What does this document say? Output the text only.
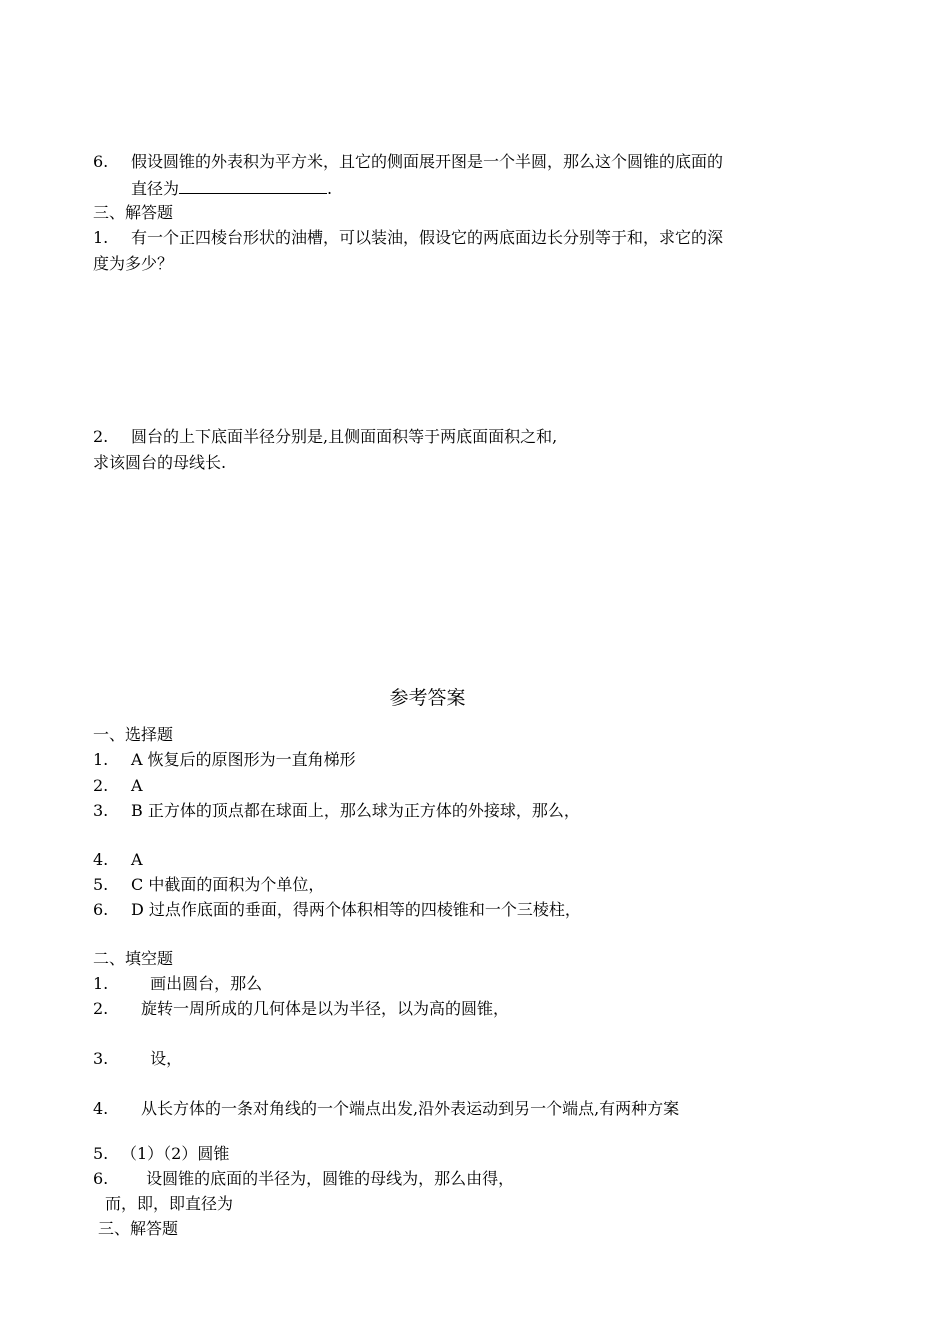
6. 假设圆锥的外表积为平方米，且它的侧面展开图是一个半圆，那么这个圆锥的底面的
直径为	.
三、解答题
1. 有一个正四棱台形状的油槽，可以装油，假设它的两底面边长分别等于和，求它的深
度为多少？
2. 圆台的上下底面半径分别是,且侧面面积等于两底面面积之和,
求该圆台的母线长.
参考答案
一、选择题
1. A 恢复后的原图形为一直角梯形
2. A
3. B 正方体的顶点都在球面上，那么球为正方体的外接球，那么，
4. A
5. C 中截面的面积为个单位，
6. D 过点作底面的垂面，得两个体积相等的四棱锥和一个三棱柱，
二、填空题
1. 画出圆台，那么
2. 旋转一周所成的几何体是以为半径，以为高的圆锥，
3. 设，
4. 从长方体的一条对角线的一个端点出发,沿外表运动到另一个端点,有两种方案
5. （1）（2）圆锥
6. 设圆锥的底面的半径为，圆锥的母线为，那么由得，
而，即，即直径为
三、解答题
